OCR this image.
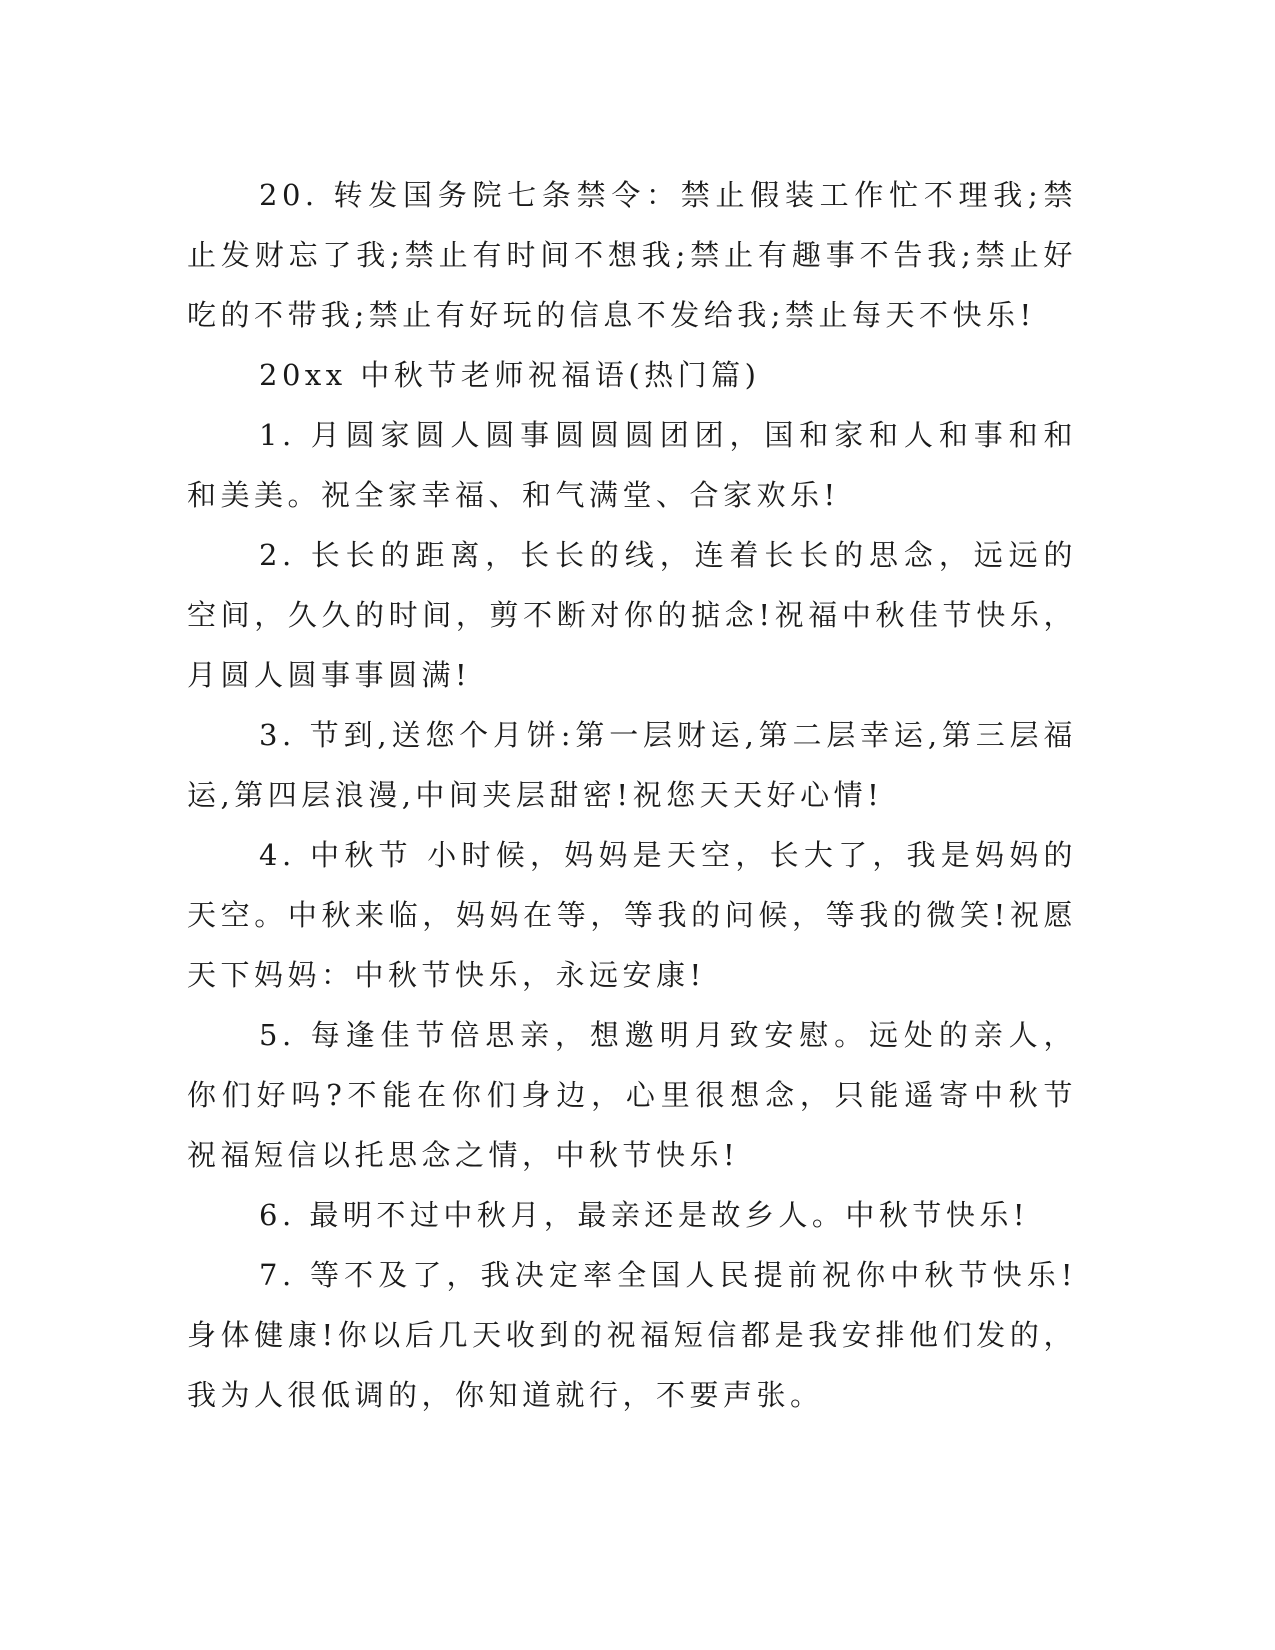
20. 转发国务院七条禁令：禁止假装工作忙不理我;禁止发财忘了我;禁止有时间不想我;禁止有趣事不告我;禁止好吃的不带我;禁止有好玩的信息不发给我;禁止每天不快乐!

20xx 中秋节老师祝福语(热门篇)

1. 月圆家圆人圆事圆圆圆团团，国和家和人和事和和和美美。祝全家幸福、和气满堂、合家欢乐!

2. 长长的距离，长长的线，连着长长的思念，远远的空间，久久的时间，剪不断对你的掂念!祝福中秋佳节快乐，月圆人圆事事圆满!

3. 节到,送您个月饼:第一层财运,第二层幸运,第三层福运,第四层浪漫,中间夹层甜密!祝您天天好心情!

4. 中秋节 小时候，妈妈是天空，长大了，我是妈妈的天空。中秋来临，妈妈在等，等我的问候，等我的微笑!祝愿天下妈妈：中秋节快乐，永远安康!

5. 每逢佳节倍思亲，想邀明月致安慰。远处的亲人，你们好吗?不能在你们身边，心里很想念，只能遥寄中秋节祝福短信以托思念之情，中秋节快乐!

6. 最明不过中秋月，最亲还是故乡人。中秋节快乐!

7. 等不及了，我决定率全国人民提前祝你中秋节快乐!身体健康!你以后几天收到的祝福短信都是我安排他们发的，我为人很低调的，你知道就行，不要声张。
